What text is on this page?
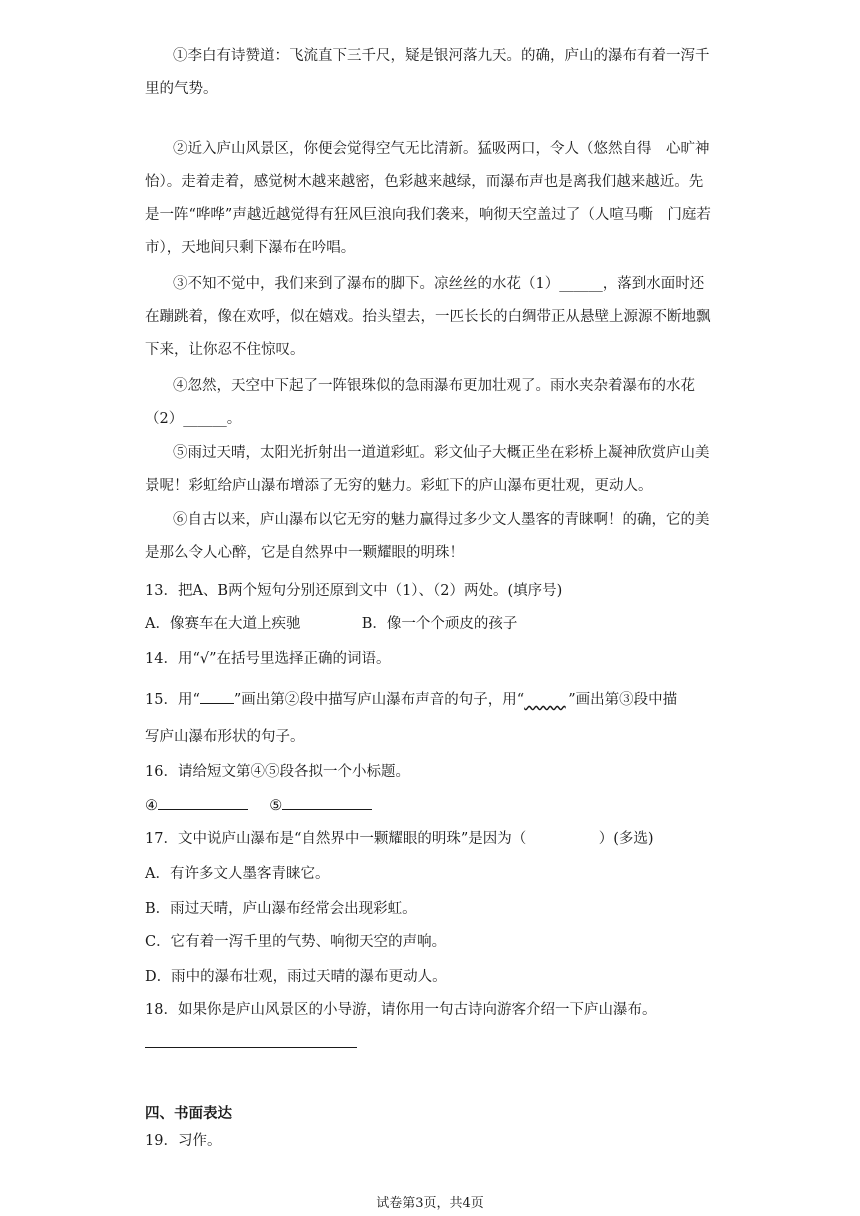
①李白有诗赞道：飞流直下三千尺，疑是银河落九天。的确，庐山的瀑布有着一泻千里的气势。

②近入庐山风景区，你便会觉得空气无比清新。猛吸两口，令人（悠然自得　心旷神怡）。走着走着，感觉树木越来越密，色彩越来越绿，而瀑布声也是离我们越来越近。先是一阵“哗哗”声越近越觉得有狂风巨浪向我们袭来，响彻天空盖过了（人喧马嘶　门庭若市），天地间只剩下瀑布在吟唱。

③不知不觉中，我们来到了瀑布的脚下。凉丝丝的水花（1）______，落到水面时还在蹦跳着，像在欢呼，似在嬉戏。抬头望去，一匹长长的白绸带正从悬壁上源源不断地飘下来，让你忍不住惊叹。

④忽然，天空中下起了一阵银珠似的急雨瀑布更加壮观了。雨水夹杂着瀑布的水花（2）______。

⑤雨过天晴，太阳光折射出一道道彩虹。彩文仙子大概正坐在彩桥上凝神欣赏庐山美景呢！彩虹给庐山瀑布增添了无穷的魅力。彩虹下的庐山瀑布更壮观，更动人。

⑥自古以来，庐山瀑布以它无穷的魅力赢得过多少文人墨客的青睐啊！的确，它的美是那么令人心醉，它是自然界中一颗耀眼的明珠！

13．把A、B两个短句分别还原到文中（1）、（2）两处。(填序号)
A．像赛车在大道上疾驰	B．像一个个顽皮的孩子
14．用“√”在括号里选择正确的词语。
15．用“ ”画出第②段中描写庐山瀑布声音的句子，用“	”画出第③段中描
写庐山瀑布形状的句子。
16．请给短文第④⑤段各拟一个小标题。
④	⑤
17．文中说庐山瀑布是“自然界中一颗耀眼的明珠”是因为（　　　　　）(多选)
A．有许多文人墨客青睐它。
B．雨过天晴，庐山瀑布经常会出现彩虹。
C．它有着一泻千里的气势、响彻天空的声响。
D．雨中的瀑布壮观，雨过天晴的瀑布更动人。
18．如果你是庐山风景区的小导游，请你用一句古诗向游客介绍一下庐山瀑布。
四、书面表达
19．习作。
试卷第3页，共4页
